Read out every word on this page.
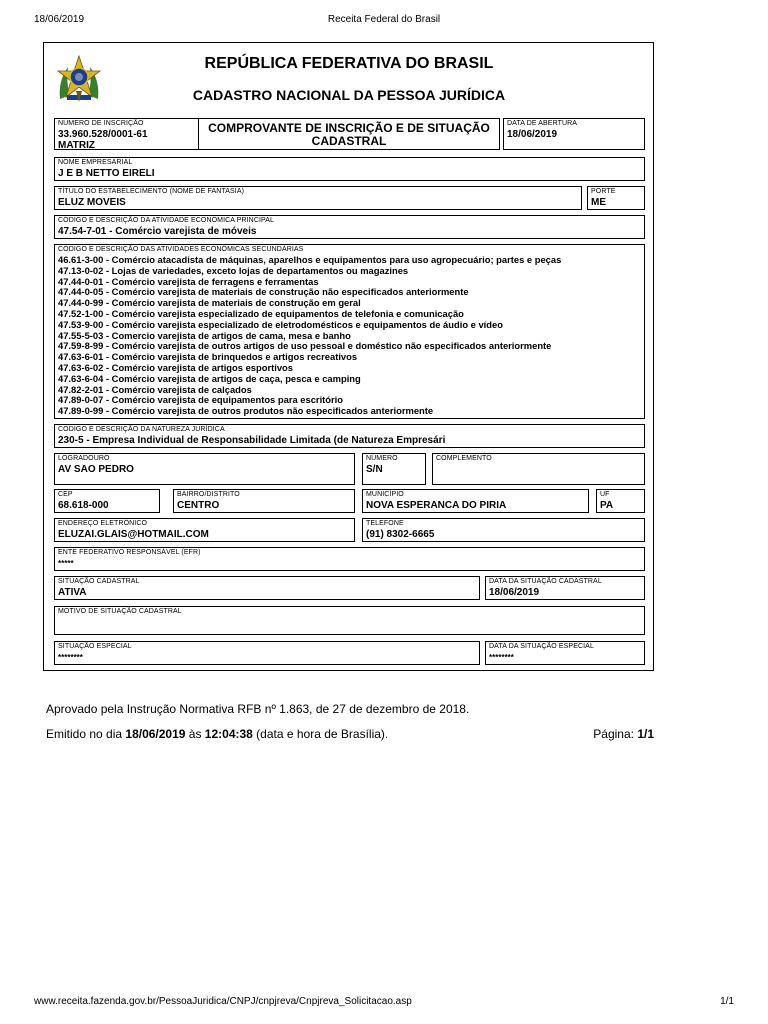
18/06/2019	Receita Federal do Brasil
REPÚBLICA FEDERATIVA DO BRASIL
CADASTRO NACIONAL DA PESSOA JURÍDICA
NÚMERO DE INSCRIÇÃO
33.960.528/0001-61
MATRIZ
COMPROVANTE DE INSCRIÇÃO E DE SITUAÇÃO
CADASTRAL
DATA DE ABERTURA
18/06/2019
NOME EMPRESARIAL
J E B NETTO EIRELI
TÍTULO DO ESTABELECIMENTO (NOME DE FANTASIA)
ELUZ MOVEIS
PORTE
ME
CÓDIGO E DESCRIÇÃO DA ATIVIDADE ECONÔMICA PRINCIPAL
47.54-7-01 - Comércio varejista de móveis
CÓDIGO E DESCRIÇÃO DAS ATIVIDADES ECONÔMICAS SECUNDÁRIAS
46.61-3-00 - Comércio atacadista de máquinas, aparelhos e equipamentos para uso agropecuário; partes e peças
47.13-0-02 - Lojas de variedades, exceto lojas de departamentos ou magazines
47.44-0-01 - Comércio varejista de ferragens e ferramentas
47.44-0-05 - Comércio varejista de materiais de construção não especificados anteriormente
47.44-0-99 - Comércio varejista de materiais de construção em geral
47.52-1-00 - Comércio varejista especializado de equipamentos de telefonia e comunicação
47.53-9-00 - Comércio varejista especializado de eletrodomésticos e equipamentos de áudio e vídeo
47.55-5-03 - Comercio varejista de artigos de cama, mesa e banho
47.59-8-99 - Comércio varejista de outros artigos de uso pessoal e doméstico não especificados anteriormente
47.63-6-01 - Comércio varejista de brinquedos e artigos recreativos
47.63-6-02 - Comércio varejista de artigos esportivos
47.63-6-04 - Comércio varejista de artigos de caça, pesca e camping
47.82-2-01 - Comércio varejista de calçados
47.89-0-07 - Comércio varejista de equipamentos para escritório
47.89-0-99 - Comércio varejista de outros produtos não especificados anteriormente
CÓDIGO E DESCRIÇÃO DA NATUREZA JURÍDICA
230-5 - Empresa Individual de Responsabilidade Limitada (de Natureza Empresári
LOGRADOURO
AV SAO PEDRO
NÚMERO
S/N
COMPLEMENTO
CEP
68.618-000
BAIRRO/DISTRITO
CENTRO
MUNICÍPIO
NOVA ESPERANCA DO PIRIA
UF
PA
ENDEREÇO ELETRÔNICO
ELUZAI.GLAIS@HOTMAIL.COM
TELEFONE
(91) 8302-6665
ENTE FEDERATIVO RESPONSÁVEL (EFR)
*****
SITUAÇÃO CADASTRAL
ATIVA
DATA DA SITUAÇÃO CADASTRAL
18/06/2019
MOTIVO DE SITUAÇÃO CADASTRAL
SITUAÇÃO ESPECIAL
********
DATA DA SITUAÇÃO ESPECIAL
********
Aprovado pela Instrução Normativa RFB nº 1.863, de 27 de dezembro de 2018.
Emitido no dia 18/06/2019 às 12:04:38 (data e hora de Brasília).	Página: 1/1
www.receita.fazenda.gov.br/PessoaJuridica/CNPJ/cnpjreva/Cnpjreva_Solicitacao.asp	1/1
